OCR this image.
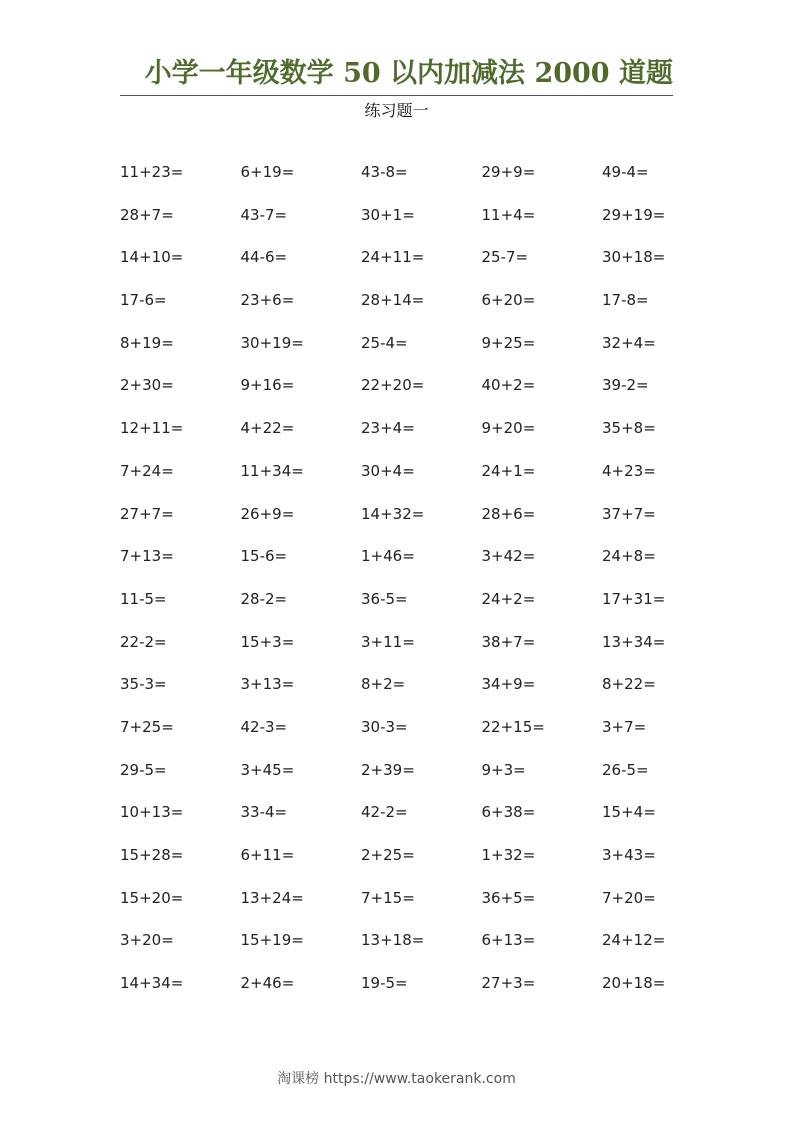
小学一年级数学 50 以内加减法 2000 道题
练习题一
11+23=	6+19=	43-8=	29+9=	49-4=
28+7=	43-7=	30+1=	11+4=	29+19=
14+10=	44-6=	24+11=	25-7=	30+18=
17-6=	23+6=	28+14=	6+20=	17-8=
8+19=	30+19=	25-4=	9+25=	32+4=
2+30=	9+16=	22+20=	40+2=	39-2=
12+11=	4+22=	23+4=	9+20=	35+8=
7+24=	11+34=	30+4=	24+1=	4+23=
27+7=	26+9=	14+32=	28+6=	37+7=
7+13=	15-6=	1+46=	3+42=	24+8=
11-5=	28-2=	36-5=	24+2=	17+31=
22-2=	15+3=	3+11=	38+7=	13+34=
35-3=	3+13=	8+2=	34+9=	8+22=
7+25=	42-3=	30-3=	22+15=	3+7=
29-5=	3+45=	2+39=	9+3=	26-5=
10+13=	33-4=	42-2=	6+38=	15+4=
15+28=	6+11=	2+25=	1+32=	3+43=
15+20=	13+24=	7+15=	36+5=	7+20=
3+20=	15+19=	13+18=	6+13=	24+12=
14+34=	2+46=	19-5=	27+3=	20+18=
淘课榜 https://www.taokerank.com
